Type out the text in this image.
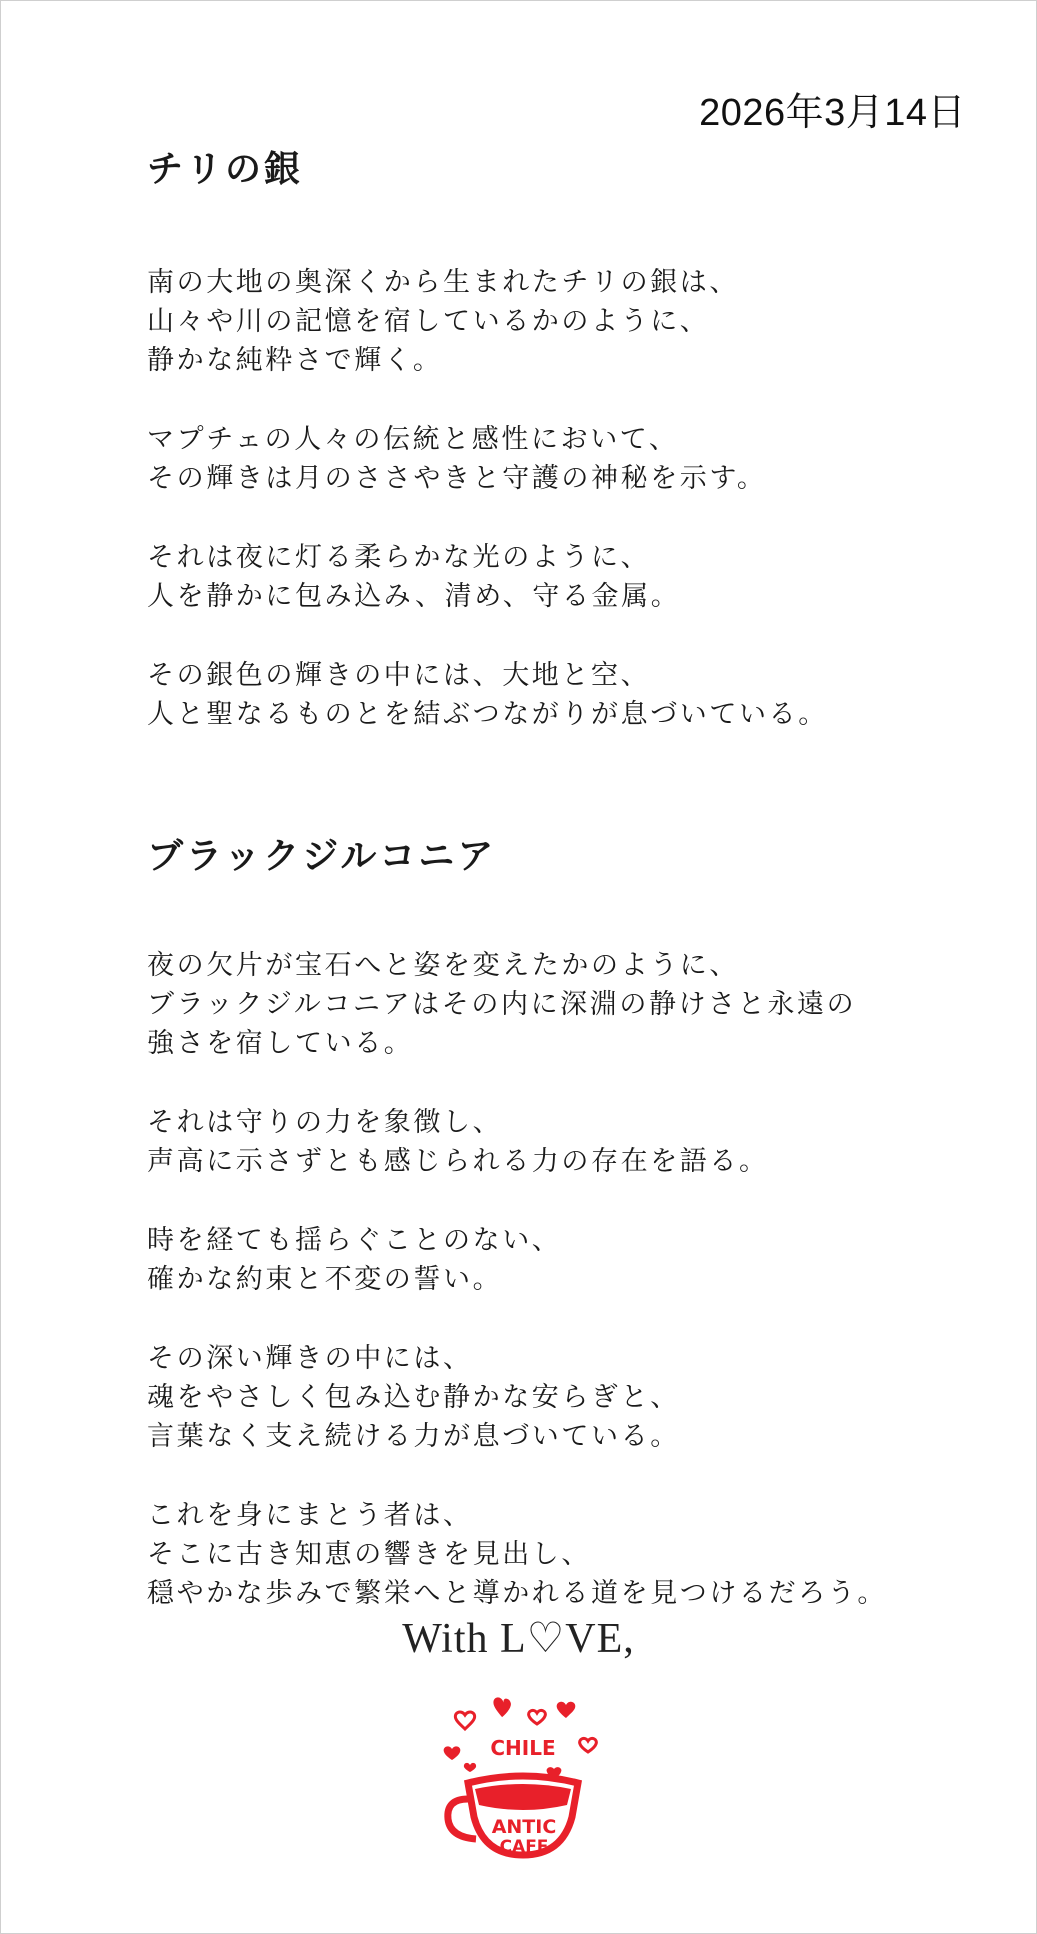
2026年3月14日
チリの銀
南の大地の奥深くから生まれたチリの銀は、
山々や川の記憶を宿しているかのように、
静かな純粋さで輝く。
マプチェの人々の伝統と感性において、
その輝きは月のささやきと守護の神秘を示す。
それは夜に灯る柔らかな光のように、
人を静かに包み込み、清め、守る金属。
その銀色の輝きの中には、大地と空、
人と聖なるものとを結ぶつながりが息づいている。
ブラックジルコニア
夜の欠片が宝石へと姿を変えたかのように、
ブラックジルコニアはその内に深淵の静けさと永遠の
強さを宿している。
それは守りの力を象徴し、
声高に示さずとも感じられる力の存在を語る。
時を経ても揺らぐことのない、
確かな約束と不変の誓い。
その深い輝きの中には、
魂をやさしく包み込む静かな安らぎと、
言葉なく支え続ける力が息づいている。
これを身にまとう者は、
そこに古き知恵の響きを見出し、
穏やかな歩みで繁栄へと導かれる道を見つけるだろう。
With L♡VE,
CHILE
ANTIC
CAFE
